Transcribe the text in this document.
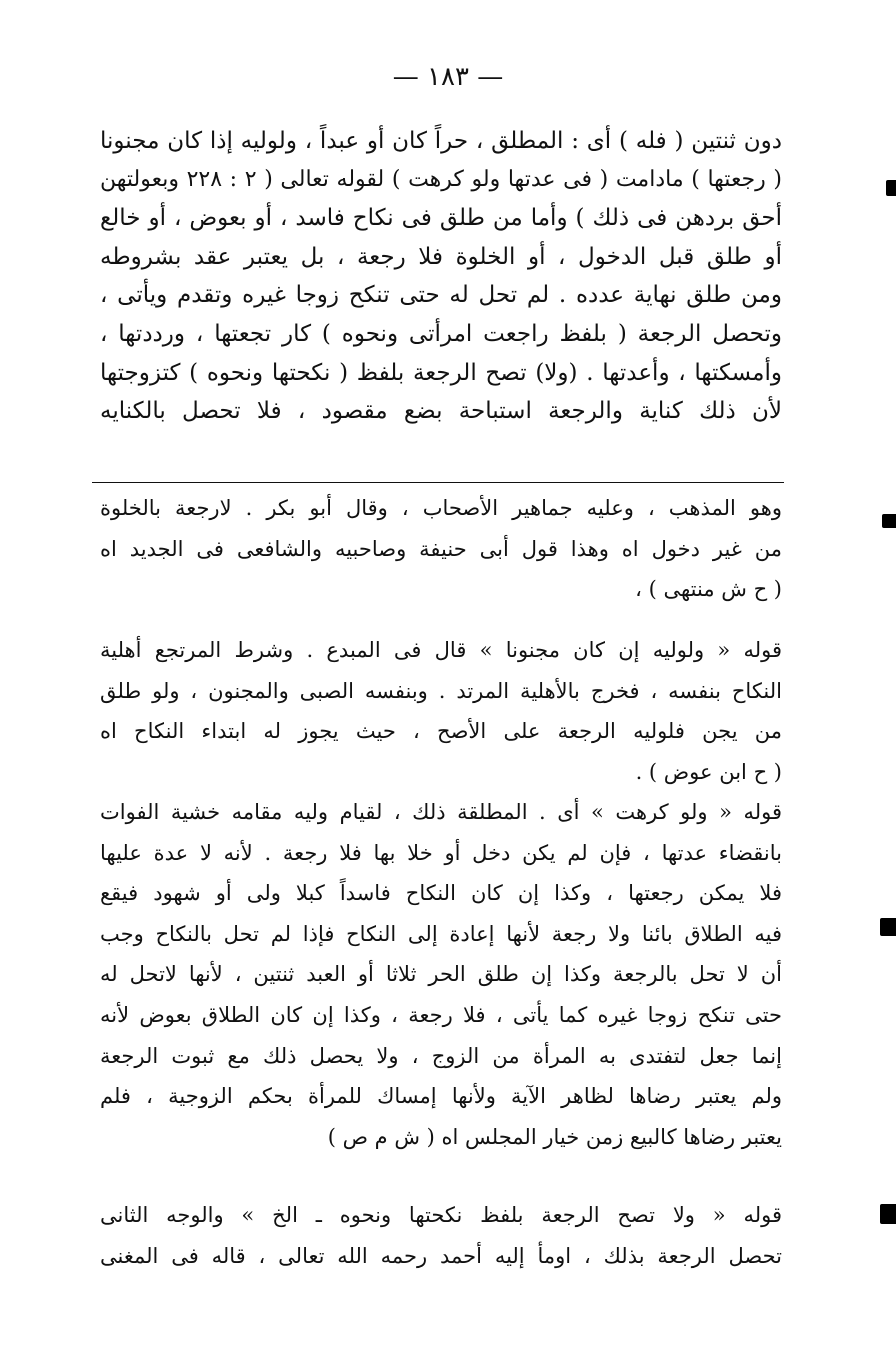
— ١٨٣ —
دون ثنتين ( فله ) أى : المطلق ، حراً كان أو عبداً ، ولوليه إذا كان مجنونا
( رجعتها ) مادامت ( فى عدتها ولو كرهت ) لقوله تعالى ( ٢ : ٢٢٨ وبعولتهن
أحق بردهن فى ذلك ) وأما من طلق فى نكاح فاسد ، أو بعوض ، أو خالع
أو طلق قبل الدخول ، أو الخلوة فلا رجعة ، بل يعتبر عقد بشروطه
ومن طلق نهاية عدده . لم تحل له حتى تنكح زوجا غيره وتقدم ويأتى ،
وتحصل الرجعة ( بلفظ راجعت امرأتى ونحوه ) كار تجعتها ، ورددتها ،
وأمسكتها ، وأعدتها . (ولا) تصح الرجعة بلفظ ( نكحتها ونحوه ) كتزوجتها
لأن ذلك كناية والرجعة استباحة بضع مقصود ، فلا تحصل بالكنايه
وهو المذهب ، وعليه جماهير الأصحاب ، وقال أبو بكر . لارجعة بالخلوة
من غير دخول اه وهذا قول أبى حنيفة وصاحبيه والشافعى فى الجديد اه
( ح ش منتهى ) ،
قوله « ولوليه إن كان مجنونا » قال فى المبدع . وشرط المرتجع أهلية
النكاح بنفسه ، فخرج بالأهلية المرتد . وبنفسه الصبى والمجنون ، ولو طلق
من يجن فلوليه الرجعة على الأصح ، حيث يجوز له ابتداء النكاح اه
( ح ابن عوض ) .
قوله « ولو كرهت » أى . المطلقة ذلك ، لقيام وليه مقامه خشية الفوات
بانقضاء عدتها ، فإن لم يكن دخل أو خلا بها فلا رجعة . لأنه لا عدة عليها
فلا يمكن رجعتها ، وكذا إن كان النكاح فاسداً كبلا ولى أو شهود فيقع
فيه الطلاق بائنا ولا رجعة لأنها إعادة إلى النكاح فإذا لم تحل بالنكاح وجب
أن لا تحل بالرجعة وكذا إن طلق الحر ثلاثا أو العبد ثنتين ، لأنها لاتحل له
حتى تنكح زوجا غيره كما يأتى ، فلا رجعة ، وكذا إن كان الطلاق بعوض لأنه
إنما جعل لتفتدى به المرأة من الزوج ، ولا يحصل ذلك مع ثبوت الرجعة
ولم يعتبر رضاها لظاهر الآية ولأنها إمساك للمرأة بحكم الزوجية ، فلم
يعتبر رضاها كالبيع زمن خيار المجلس اه ( ش م ص )
قوله « ولا تصح الرجعة بلفظ نكحتها ونحوه ـ الخ » والوجه الثانى
تحصل الرجعة بذلك ، اومأ إليه أحمد رحمه الله تعالى ، قاله فى المغنى
